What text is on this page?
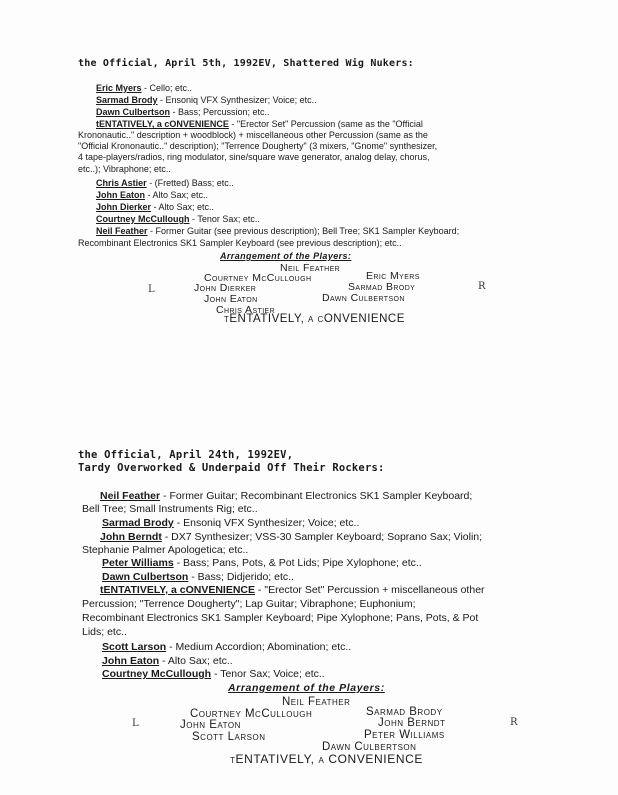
the Official, April 5th, 1992EV, Shattered Wig Nukers:
Eric Myers - Cello; etc..
Sarmad Brody - Ensoniq VFX Synthesizer; Voice; etc..
Dawn Culbertson - Bass; Percussion; etc..
tENTATIVELY, a cONVENIENCE - "Erector Set" Percussion (same as the "Official
Krononautic.." description + woodblock) + miscellaneous other Percussion (same as the
"Official Krononautic.." description); "Terrence Dougherty" (3 mixers, "Gnome" synthesizer,
4 tape-players/radios, ring modulator, sine/square wave generator, analog delay, chorus,
etc..); Vibraphone; etc..
Chris Astier - (Fretted) Bass; etc..
John Eaton - Alto Sax; etc..
John Dierker - Alto Sax; etc..
Courtney McCullough - Tenor Sax; etc..
Neil Feather - Former Guitar (see previous description); Bell Tree; SK1 Sampler Keyboard;
Recombinant Electronics SK1 Sampler Keyboard (see previous description); etc..
Arrangement of the Players:
Neil Feather
Courtney McCullough	Eric Myers
L	John Dierker	Sarmad Brody	R
John Eaton	Dawn Culbertson
Chris Astier
tENTATIVELY, a cONVENIENCE
the Official, April 24th, 1992EV,
Tardy Overworked & Underpaid Off Their Rockers:
Neil Feather - Former Guitar; Recombinant Electronics SK1 Sampler Keyboard;
Bell Tree; Small Instruments Rig; etc..
Sarmad Brody - Ensoniq VFX Synthesizer; Voice; etc..
John Berndt - DX7 Synthesizer; VSS-30 Sampler Keyboard; Soprano Sax; Violin;
Stephanie Palmer Apologetica; etc..
Peter Williams - Bass; Pans, Pots, & Pot Lids; Pipe Xylophone; etc..
Dawn Culbertson - Bass; Didjerido; etc..
tENTATIVELY, a cONVENIENCE - "Erector Set" Percussion + miscellaneous other
Percussion; "Terrence Dougherty"; Lap Guitar; Vibraphone; Euphonium;
Recombinant Electronics SK1 Sampler Keyboard; Pipe Xylophone; Pans, Pots, & Pot
Lids; etc..
Scott Larson - Medium Accordion; Abomination; etc..
John Eaton - Alto Sax; etc..
Courtney McCullough - Tenor Sax; Voice; etc..
Arrangement of the Players:
Neil Feather
Courtney McCullough	Sarmad Brody
L	John Eaton	John Berndt	R
Scott Larson	Peter Williams
Dawn Culbertson
tENTATIVELY, a CONVENIENCE
